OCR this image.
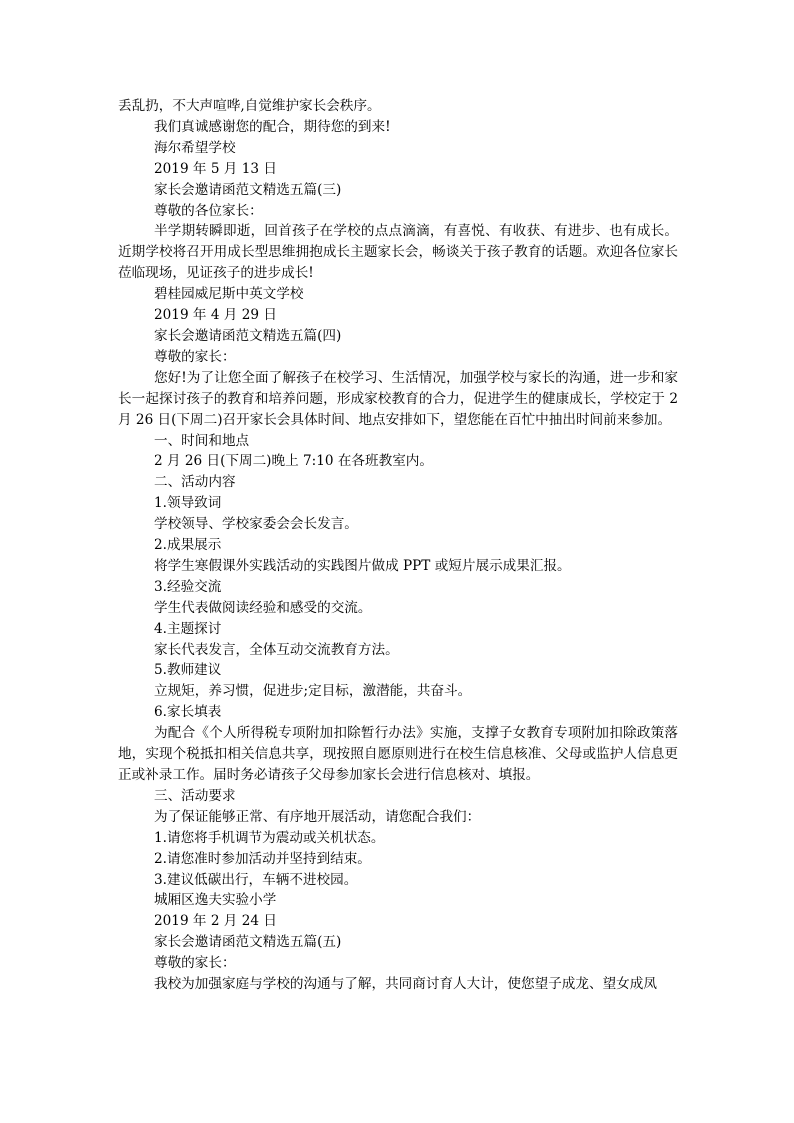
丢乱扔，不大声喧哗,自觉维护家长会秩序。

我们真诚感谢您的配合，期待您的到来!

海尔希望学校

2019 年 5 月 13 日

家长会邀请函范文精选五篇(三)

尊敬的各位家长：

半学期转瞬即逝，回首孩子在学校的点点滴滴，有喜悦、有收获、有进步、也有成长。近期学校将召开用成长型思维拥抱成长主题家长会，畅谈关于孩子教育的话题。欢迎各位家长莅临现场，见证孩子的进步成长!

碧桂园威尼斯中英文学校

2019 年 4 月 29 日

家长会邀请函范文精选五篇(四)

尊敬的家长：

您好!为了让您全面了解孩子在校学习、生活情况，加强学校与家长的沟通，进一步和家长一起探讨孩子的教育和培养问题，形成家校教育的合力，促进学生的健康成长，学校定于 2 月 26 日(下周二)召开家长会具体时间、地点安排如下，望您能在百忙中抽出时间前来参加。

一、时间和地点

2 月 26 日(下周二)晚上 7:10 在各班教室内。

二、活动内容

1.领导致词

学校领导、学校家委会会长发言。

2.成果展示

将学生寒假课外实践活动的实践图片做成 PPT 或短片展示成果汇报。

3.经验交流

学生代表做阅读经验和感受的交流。

4.主题探讨

家长代表发言，全体互动交流教育方法。

5.教师建议

立规矩，养习惯，促进步;定目标，激潜能，共奋斗。

6.家长填表

为配合《个人所得税专项附加扣除暂行办法》实施，支撑子女教育专项附加扣除政策落地，实现个税抵扣相关信息共享，现按照自愿原则进行在校生信息核准、父母或监护人信息更正或补录工作。届时务必请孩子父母参加家长会进行信息核对、填报。

三、活动要求

为了保证能够正常、有序地开展活动，请您配合我们：

1.请您将手机调节为震动或关机状态。

2.请您准时参加活动并坚持到结束。

3.建议低碳出行，车辆不进校园。

城厢区逸夫实验小学

2019 年 2 月 24 日

家长会邀请函范文精选五篇(五)

尊敬的家长：

我校为加强家庭与学校的沟通与了解，共同商讨育人大计，使您望子成龙、望女成凤
